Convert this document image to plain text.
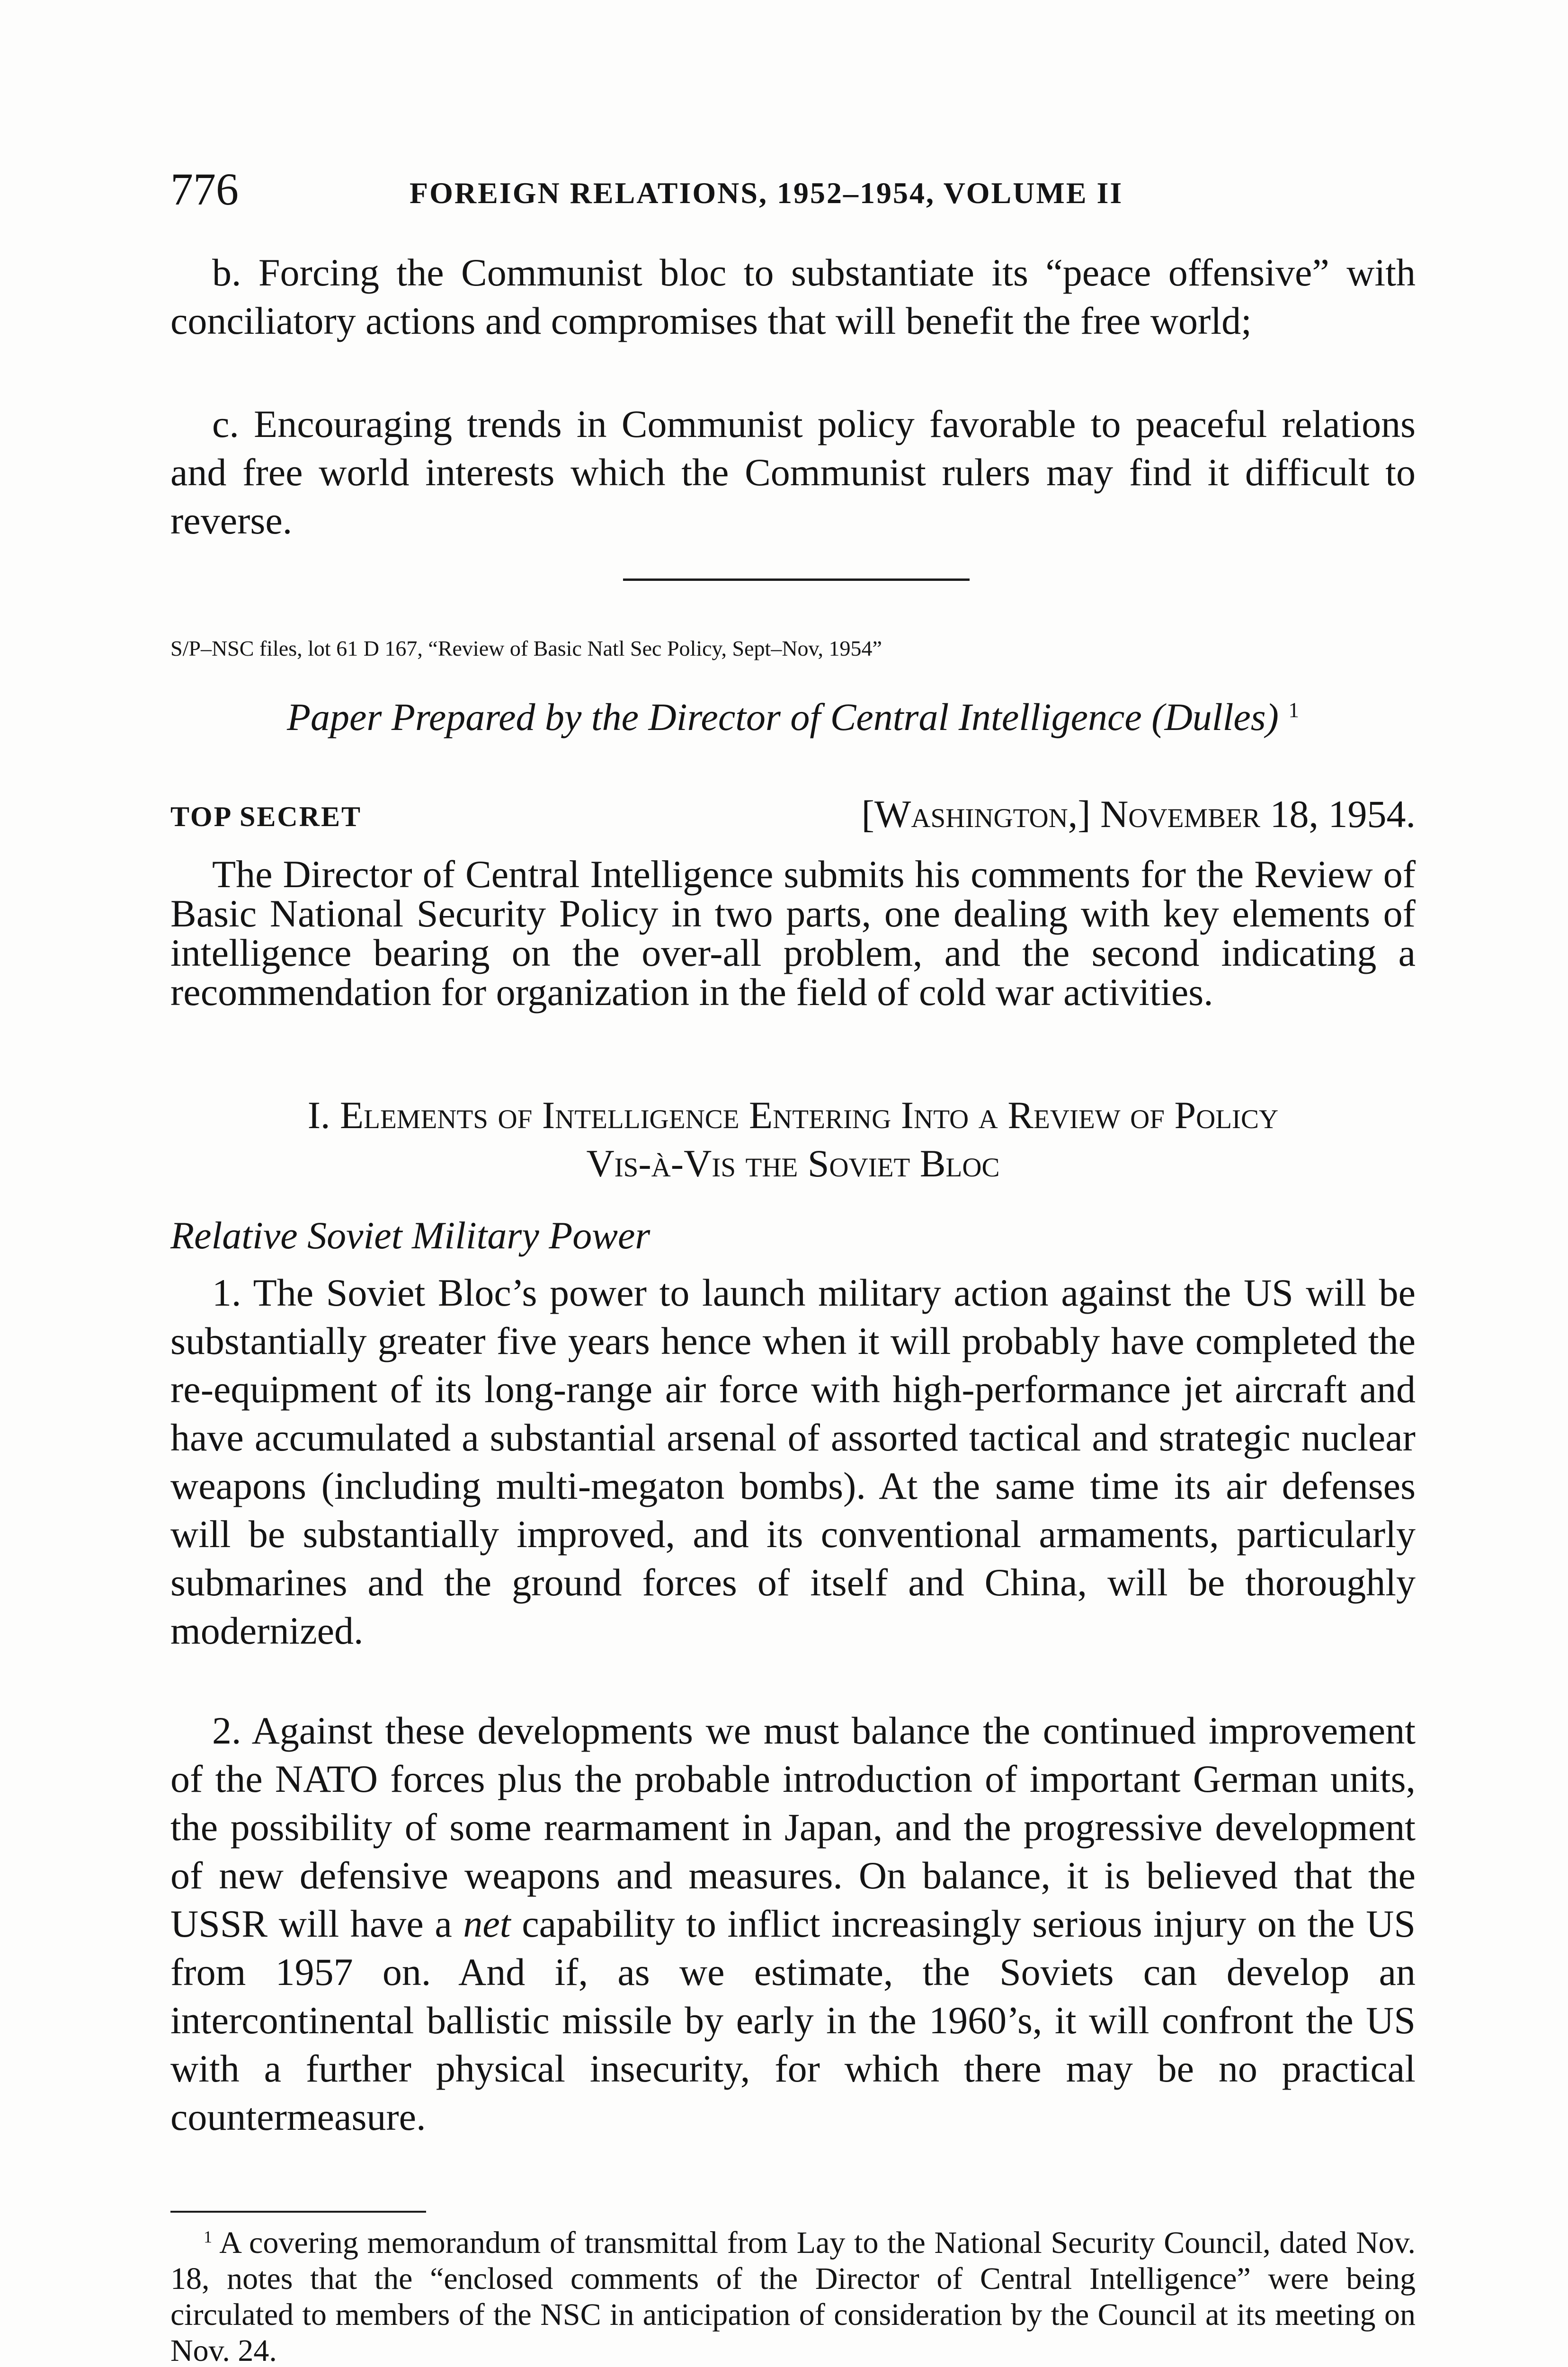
776	FOREIGN RELATIONS, 1952–1954, VOLUME II

b. Forcing the Communist bloc to substantiate its “peace offensive” with conciliatory actions and compromises that will benefit the free world;

c. Encouraging trends in Communist policy favorable to peaceful relations and free world interests which the Communist rulers may find it difficult to reverse.

S/P–NSC files, lot 61 D 167, “Review of Basic Natl Sec Policy, Sept–Nov, 1954”
Paper Prepared by the Director of Central Intelligence (Dulles) $^1$
TOP SECRET	[Washington,] November 18, 1954.

The Director of Central Intelligence submits his comments for the Review of Basic National Security Policy in two parts, one dealing with key elements of intelligence bearing on the over-all problem, and the second indicating a recommendation for organization in the field of cold war activities.

I. Elements of Intelligence Entering Into a Review of Policy
Vis-à-Vis the Soviet Bloc
Relative Soviet Military Power

1. The Soviet Bloc’s power to launch military action against the US will be substantially greater five years hence when it will probably have completed the re-equipment of its long-range air force with high-performance jet aircraft and have accumulated a substantial arsenal of assorted tactical and strategic nuclear weapons (including multi-megaton bombs). At the same time its air defenses will be substantially improved, and its conventional armaments, particularly submarines and the ground forces of itself and China, will be thoroughly modernized.

2. Against these developments we must balance the continued improvement of the NATO forces plus the probable introduction of important German units, the possibility of some rearmament in Japan, and the progressive development of new defensive weapons and measures. On balance, it is believed that the USSR will have a net capability to inflict increasingly serious injury on the US from 1957 on. And if, as we estimate, the Soviets can develop an intercontinental ballistic missile by early in the 1960’s, it will confront the US with a further physical insecurity, for which there may be no practical countermeasure.

$^1$ A covering memorandum of transmittal from Lay to the National Security Council, dated Nov. 18, notes that the “enclosed comments of the Director of Central Intelligence” were being circulated to members of the NSC in anticipation of consideration by the Council at its meeting on Nov. 24.
